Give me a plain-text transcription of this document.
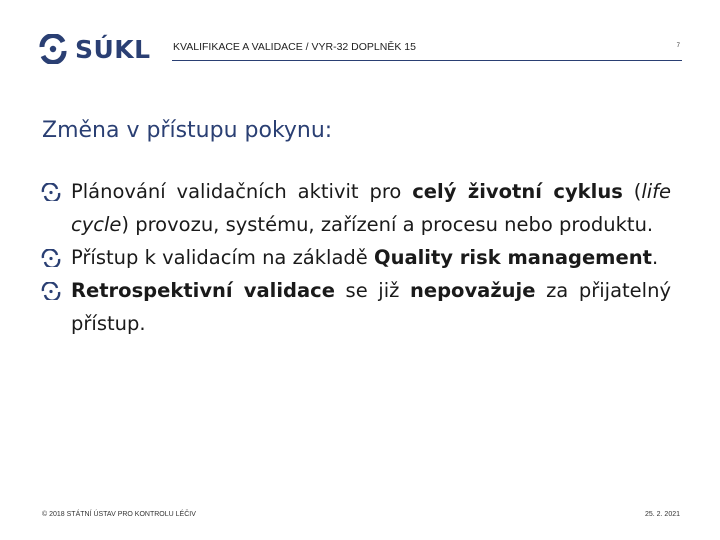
SÚKL KVALIFIKACE A VALIDACE / VYR-32 DOPLNĚK 15	7
Změna v přístupu pokynu:
Plánování validačních aktivit pro celý životní cyklus (life cycle) provozu, systému, zařízení a procesu nebo produktu.
Přístup k validacím na základě Quality risk management.
Retrospektivní validace se již nepovažuje za přijatelný přístup.
© 2018 STÁTNÍ ÚSTAV PRO KONTROLU LÉČIV	25. 2. 2021
